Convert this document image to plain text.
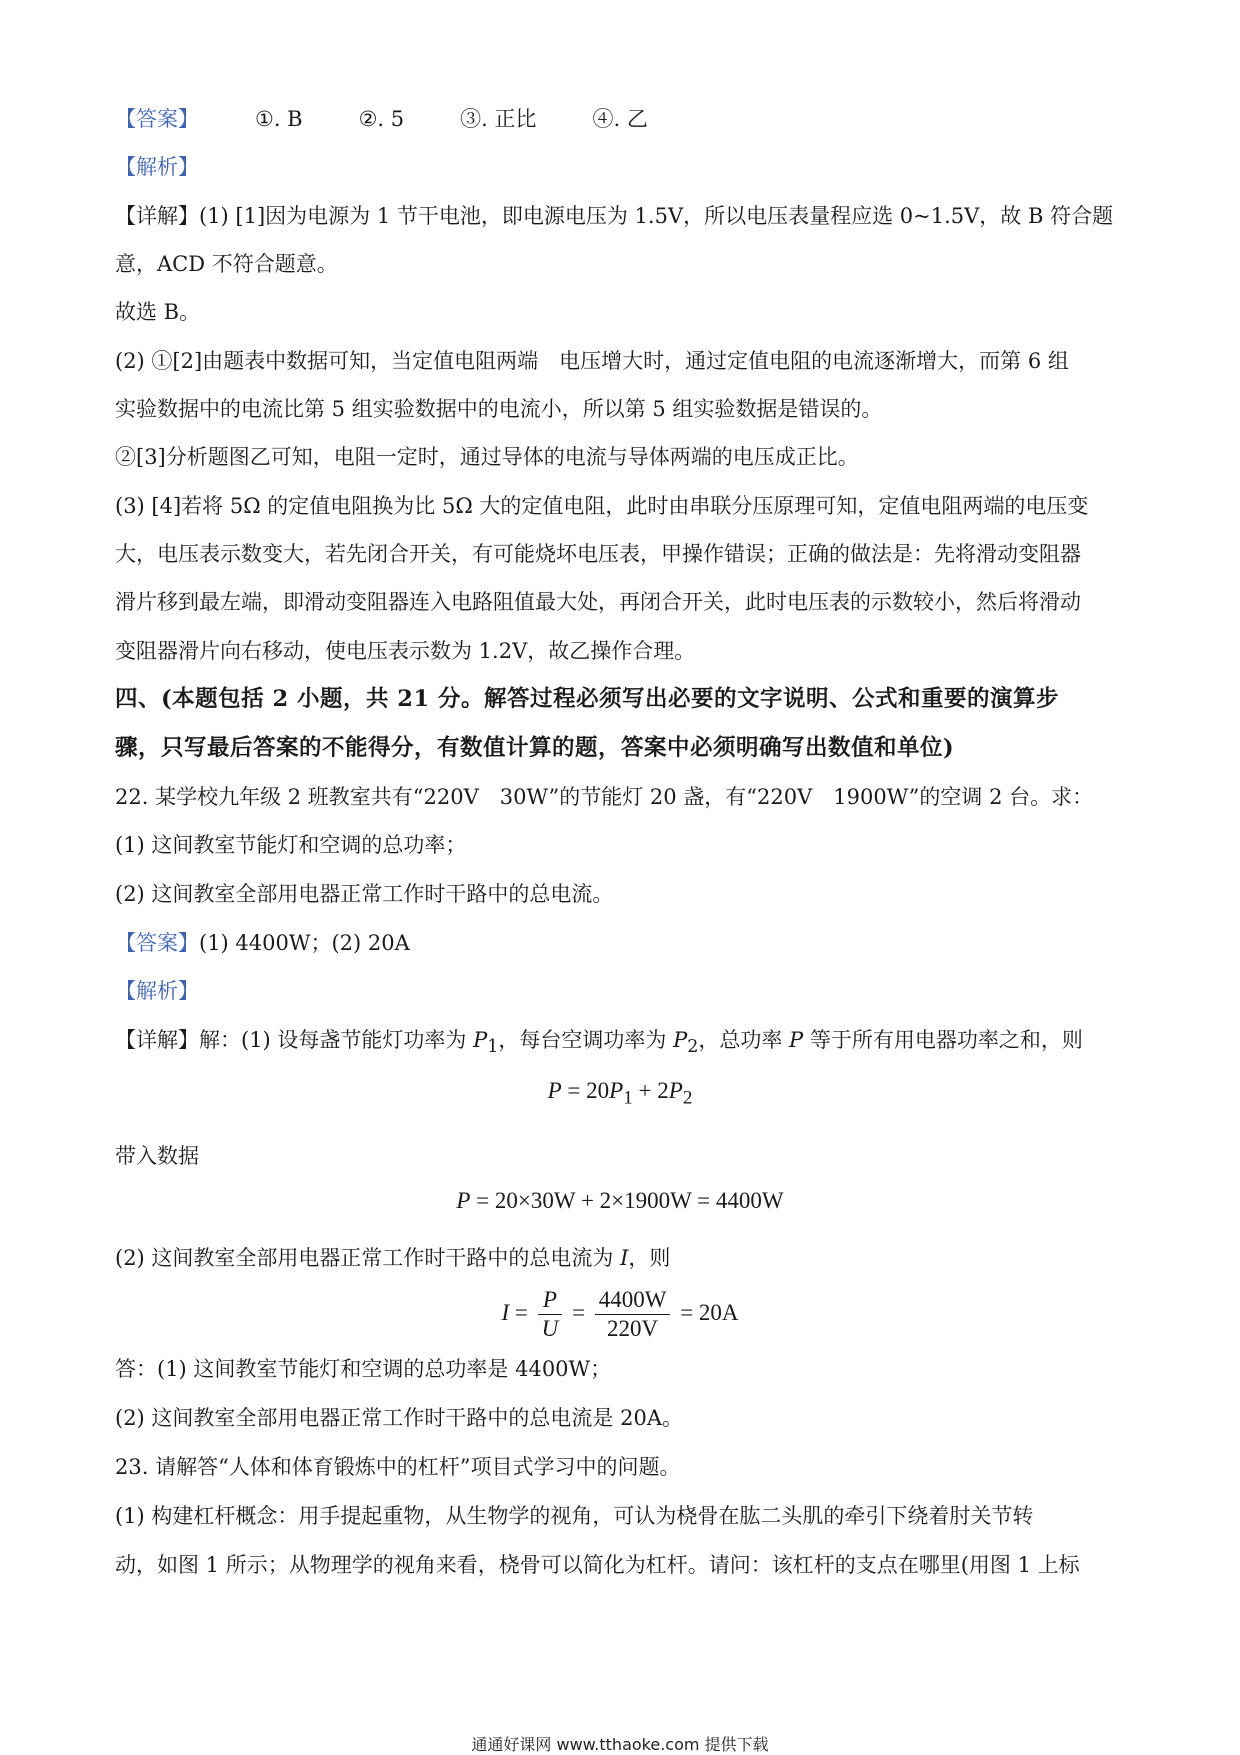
【答案】	①. B	②. 5	③. 正比	④. 乙
【解析】
【详解】(1) [1]因为电源为 1 节干电池，即电源电压为 1.5V，所以电压表量程应选 0~1.5V，故 B 符合题
意，ACD 不符合题意。
故选 B。
(2) ①[2]由题表中数据可知，当定值电阻两端　电压增大时，通过定值电阻的电流逐渐增大，而第 6 组
实验数据中的电流比第 5 组实验数据中的电流小，所以第 5 组实验数据是错误的。
②[3]分析题图乙可知，电阻一定时，通过导体的电流与导体两端的电压成正比。
(3) [4]若将 5Ω 的定值电阻换为比 5Ω 大的定值电阻，此时由串联分压原理可知，定值电阻两端的电压变
大，电压表示数变大，若先闭合开关，有可能烧坏电压表，甲操作错误；正确的做法是：先将滑动变阻器
滑片移到最左端，即滑动变阻器连入电路阻值最大处，再闭合开关，此时电压表的示数较小，然后将滑动
变阻器滑片向右移动，使电压表示数为 1.2V，故乙操作合理。
四、(本题包括 2 小题，共 21 分。解答过程必须写出必要的文字说明、公式和重要的演算步
骤，只写最后答案的不能得分，有数值计算的题，答案中必须明确写出数值和单位)
22. 某学校九年级 2 班教室共有“220V　30W”的节能灯 20 盏，有“220V　1900W”的空调 2 台。求：
(1) 这间教室节能灯和空调的总功率；
(2) 这间教室全部用电器正常工作时干路中的总电流。
【答案】(1) 4400W；(2) 20A
【解析】
【详解】解：(1) 设每盏节能灯功率为 $P_1$，每台空调功率为 $P_2$，总功率 P 等于所有用电器功率之和，则
$P = 20P_1 + 2P_2$
带入数据
P = 20×30W + 2×1900W = 4400W
(2) 这间教室全部用电器正常工作时干路中的总电流为 I，则
$I = \frac{P}{U} = \frac{4400W}{220V} = 20A$
答：(1) 这间教室节能灯和空调的总功率是 4400W；
(2) 这间教室全部用电器正常工作时干路中的总电流是 20A。
23. 请解答“人体和体育锻炼中的杠杆”项目式学习中的问题。
(1) 构建杠杆概念：用手提起重物，从生物学的视角，可认为桡骨在肱二头肌的牵引下绕着肘关节转
动，如图 1 所示；从物理学的视角来看，桡骨可以简化为杠杆。请问：该杠杆的支点在哪里(用图 1 上标
通通好课网 www.tthaoke.com 提供下载
